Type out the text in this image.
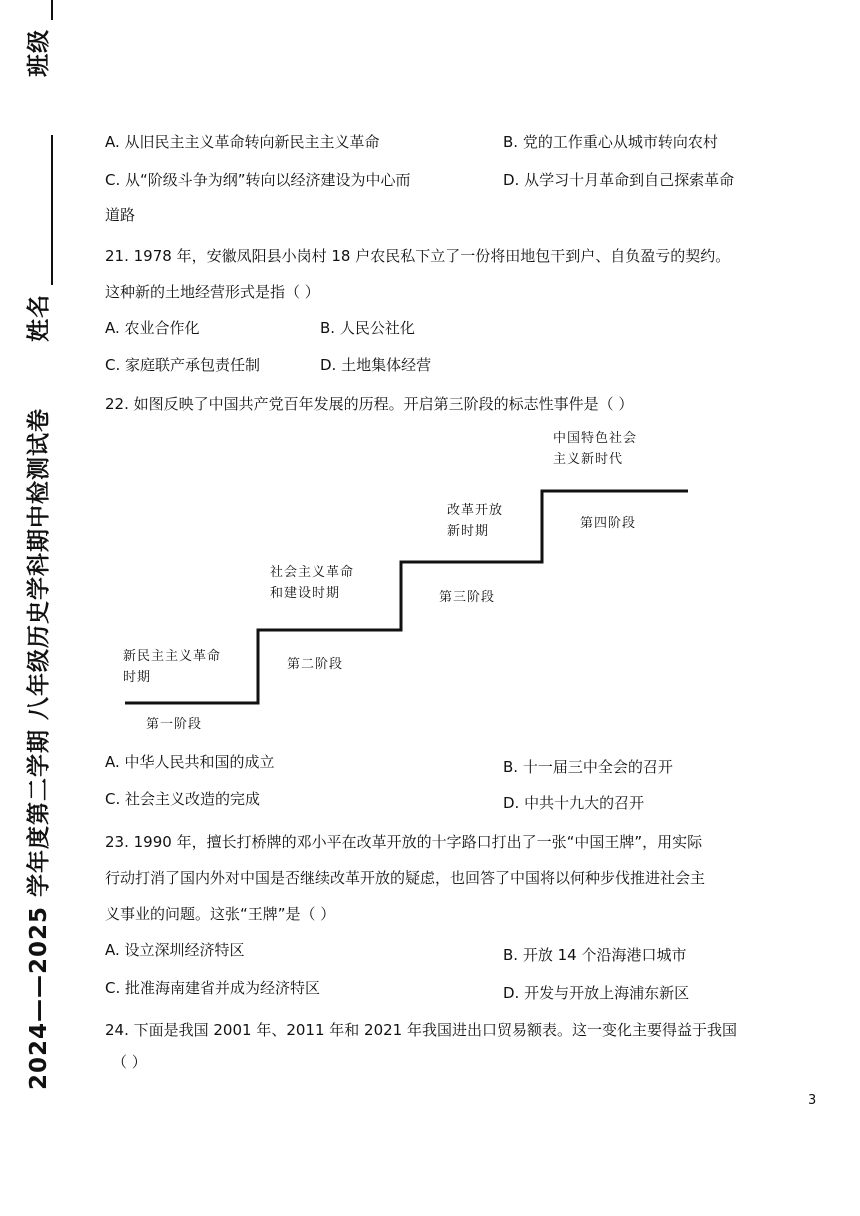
2024——2025 学年度第二学期 八年级历史学科期中检测试卷  姓名   班级
A. 从旧民主主义革命转向新民主主义革命	B. 党的工作重心从城市转向农村
C. 从“阶级斗争为纲”转向以经济建设为中心而	D. 从学习十月革命到自己探索革命
道路
21. 1978 年，安徽凤阳县小岗村 18 户农民私下立了一份将田地包干到户、自负盈亏的契约。
这种新的土地经营形式是指（ ）
A. 农业合作化	B. 人民公社化
C. 家庭联产承包责任制	D. 土地集体经营
22. 如图反映了中国共产党百年发展的历程。开启第三阶段的标志性事件是（ ）
新民主主义革命
时期
社会主义革命
和建设时期
改革开放
新时期
中国特色社会
主义新时代
第一阶段
第二阶段
第三阶段
第四阶段
A. 中华人民共和国的成立	B. 十一届三中全会的召开
C. 社会主义改造的完成	D. 中共十九大的召开
23. 1990 年，擅长打桥牌的邓小平在改革开放的十字路口打出了一张“中国王牌”，用实际
行动打消了国内外对中国是否继续改革开放的疑虑，也回答了中国将以何种步伐推进社会主
义事业的问题。这张“王牌”是（ ）
A. 设立深圳经济特区	B. 开放 14 个沿海港口城市
C. 批准海南建省并成为经济特区	D. 开发与开放上海浦东新区
24. 下面是我国 2001 年、2011 年和 2021 年我国进出口贸易额表。这一变化主要得益于我国
（ ）
3
